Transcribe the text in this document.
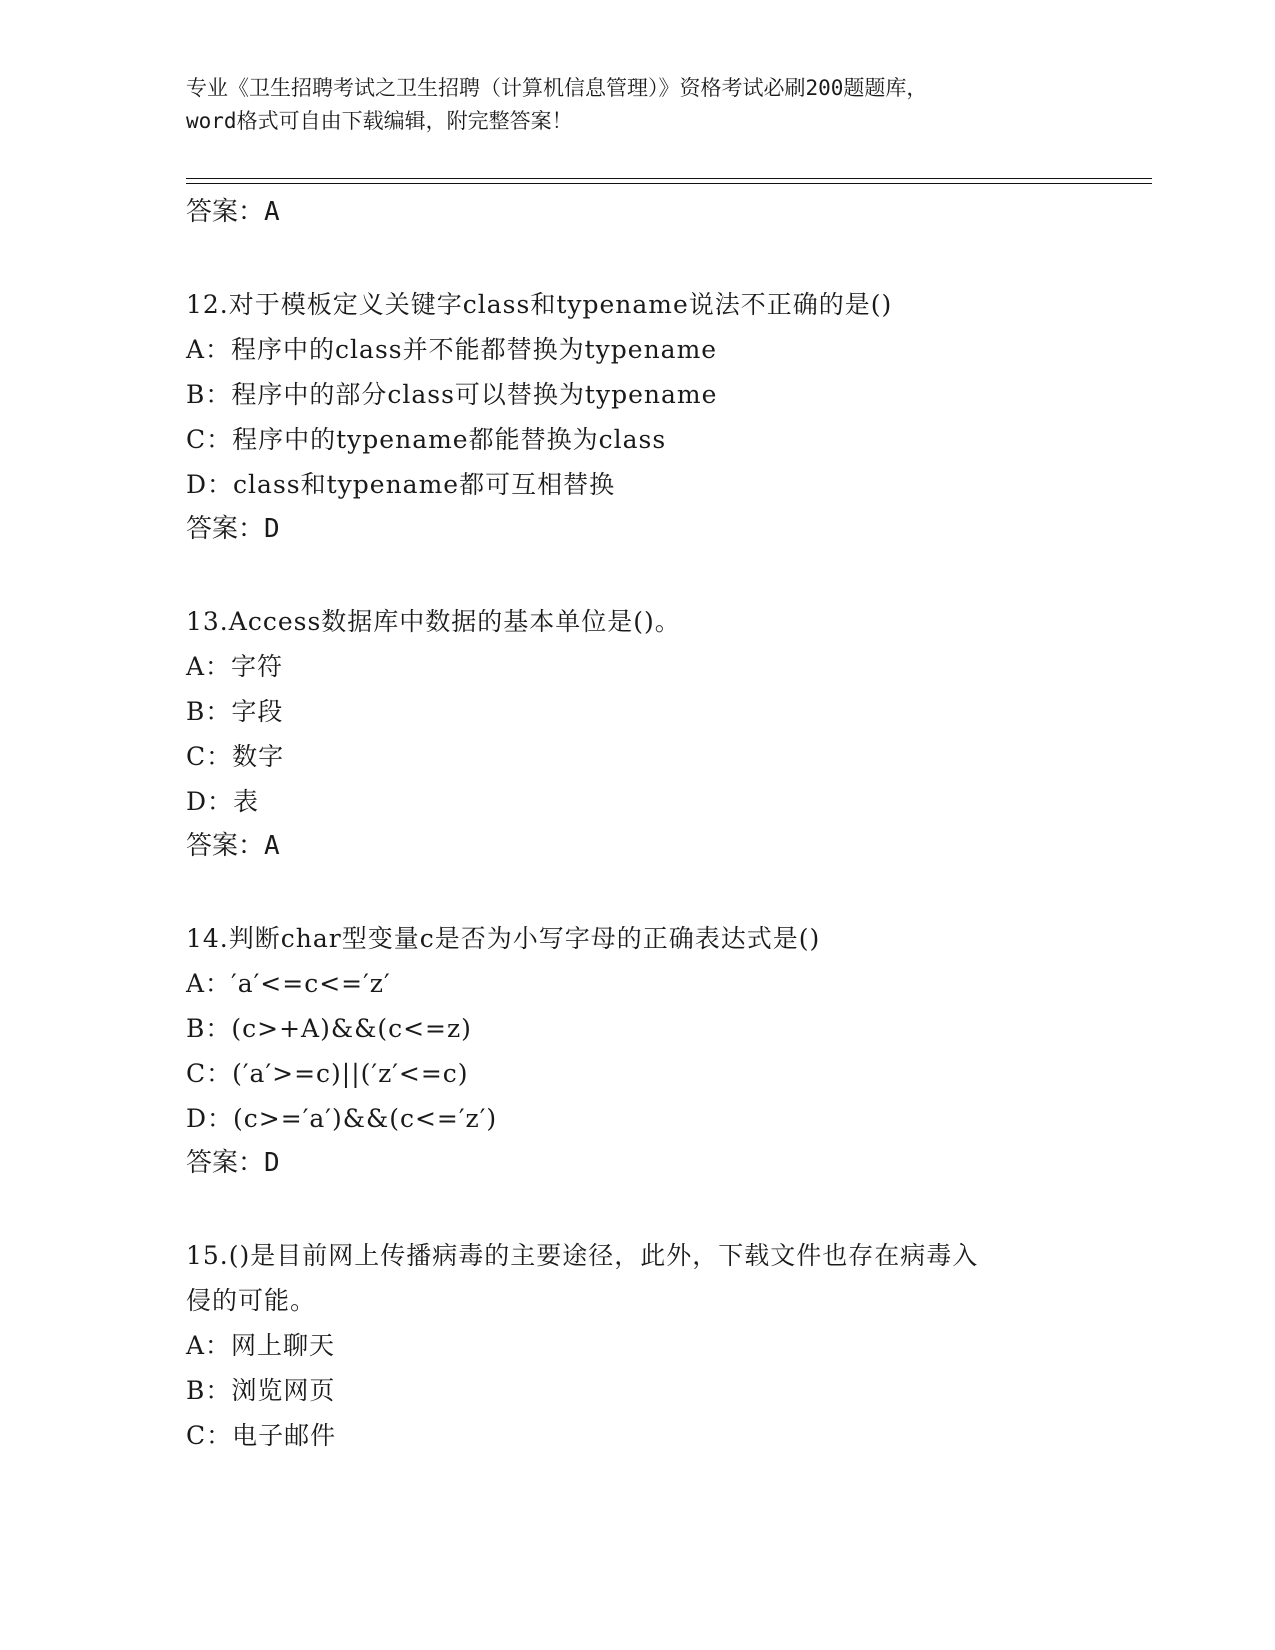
专业《卫生招聘考试之卫生招聘（计算机信息管理）》资格考试必刷200题题库，
word格式可自由下载编辑，附完整答案！
答案：A
12.对于模板定义关键字class和typename说法不正确的是()
A：程序中的class并不能都替换为typename
B：程序中的部分class可以替换为typename
C：程序中的typename都能替换为class
D：class和typename都可互相替换
答案：D
13.Access数据库中数据的基本单位是()。
A：字符
B：字段
C：数字
D：表
答案：A
14.判断char型变量c是否为小写字母的正确表达式是()
A：′a′<=c<=′z′
B：(c>+A)&&(c<=z)
C：(′a′>=c)||(′z′<=c)
D：(c>=′a′)&&(c<=′z′)
答案：D
15.()是目前网上传播病毒的主要途径，此外，下载文件也存在病毒入
侵的可能。
A：网上聊天
B：浏览网页
C：电子邮件
